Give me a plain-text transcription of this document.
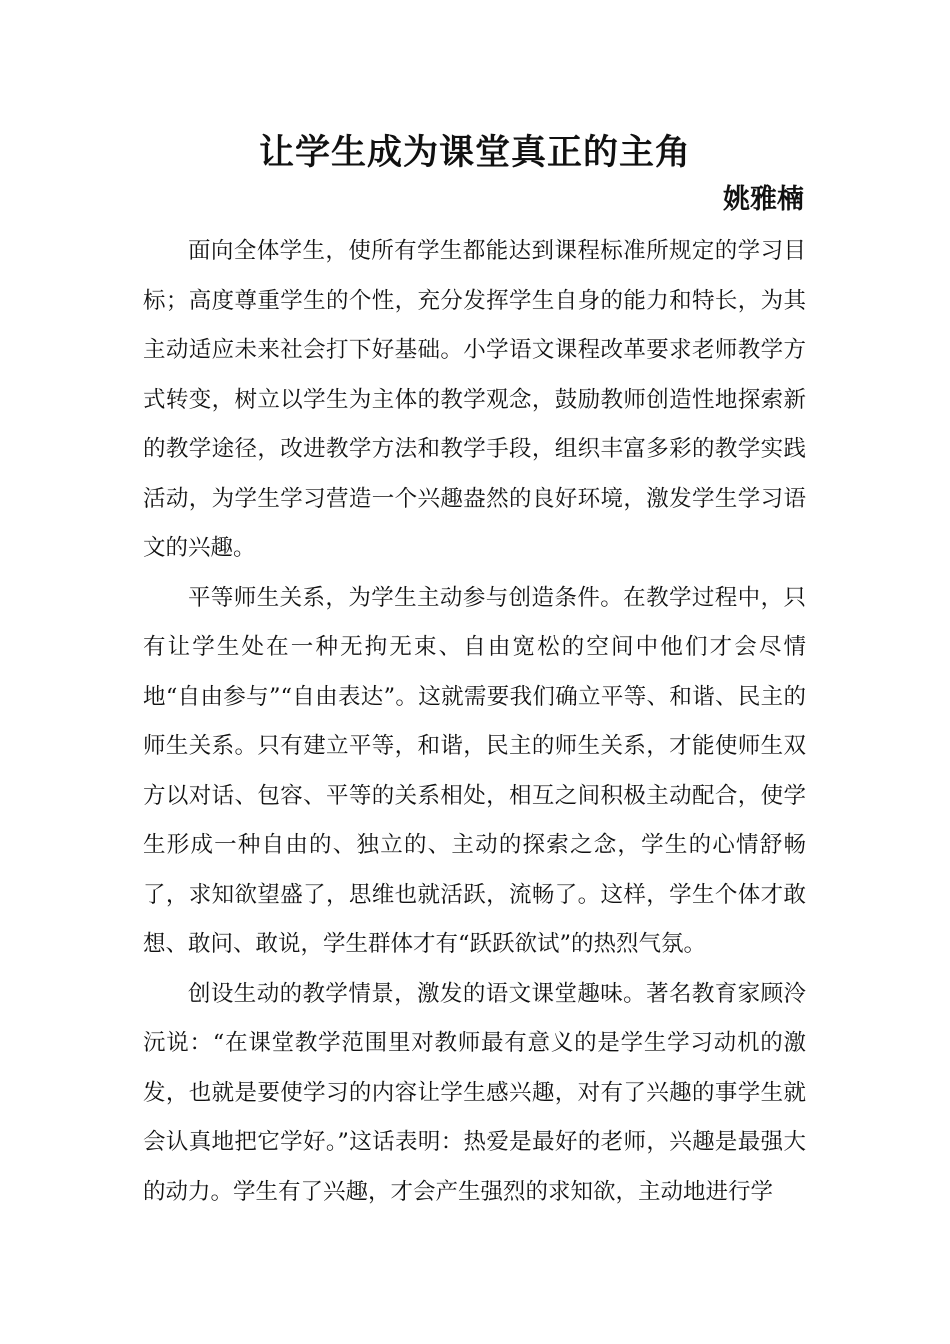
让学生成为课堂真正的主角
姚雅楠

面向全体学生，使所有学生都能达到课程标准所规定的学习目标；高度尊重学生的个性，充分发挥学生自身的能力和特长，为其主动适应未来社会打下好基础。小学语文课程改革要求老师教学方式转变，树立以学生为主体的教学观念，鼓励教师创造性地探索新的教学途径，改进教学方法和教学手段，组织丰富多彩的教学实践活动，为学生学习营造一个兴趣盎然的良好环境，激发学生学习语文的兴趣。

平等师生关系，为学生主动参与创造条件。在教学过程中，只有让学生处在一种无拘无束、自由宽松的空间中他们才会尽情地“自由参与”“自由表达”。这就需要我们确立平等、和谐、民主的师生关系。只有建立平等，和谐，民主的师生关系，才能使师生双方以对话、包容、平等的关系相处，相互之间积极主动配合，使学生形成一种自由的、独立的、主动的探索之念，学生的心情舒畅了，求知欲望盛了，思维也就活跃，流畅了。这样，学生个体才敢想、敢问、敢说，学生群体才有“跃跃欲试”的热烈气氛。

创设生动的教学情景，激发的语文课堂趣味。著名教育家顾泠沅说：“在课堂教学范围里对教师最有意义的是学生学习动机的激发，也就是要使学习的内容让学生感兴趣，对有了兴趣的事学生就会认真地把它学好。”这话表明：热爱是最好的老师，兴趣是最强大的动力。学生有了兴趣，才会产生强烈的求知欲，主动地进行学
